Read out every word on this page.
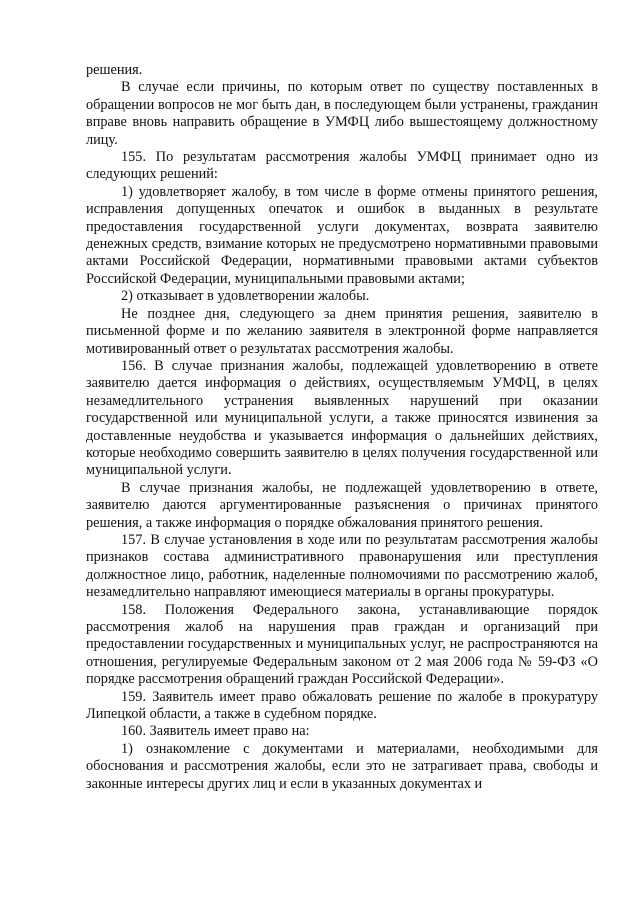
решения.

В случае если причины, по которым ответ по существу поставленных в обращении вопросов не мог быть дан, в последующем были устранены, гражданин вправе вновь направить обращение в УМФЦ либо вышестоящему должностному лицу.

155. По результатам рассмотрения жалобы УМФЦ принимает одно из следующих решений:

1) удовлетворяет жалобу, в том числе в форме отмены принятого решения, исправления допущенных опечаток и ошибок в выданных в результате предоставления государственной услуги документах, возврата заявителю денежных средств, взимание которых не предусмотрено нормативными правовыми актами Российской Федерации, нормативными правовыми актами субъектов Российской Федерации, муниципальными правовыми актами;

2) отказывает в удовлетворении жалобы.

Не позднее дня, следующего за днем принятия решения, заявителю в письменной форме и по желанию заявителя в электронной форме направляется мотивированный ответ о результатах рассмотрения жалобы.

156. В случае признания жалобы, подлежащей удовлетворению в ответе заявителю дается информация о действиях, осуществляемым УМФЦ, в целях незамедлительного устранения выявленных нарушений при оказании государственной или муниципальной услуги, а также приносятся извинения за доставленные неудобства и указывается информация о дальнейших действиях, которые необходимо совершить заявителю в целях получения государственной или муниципальной услуги.

В случае признания жалобы, не подлежащей удовлетворению в ответе, заявителю даются аргументированные разъяснения о причинах принятого решения, а также информация о порядке обжалования принятого решения.

157. В случае установления в ходе или по результатам рассмотрения жалобы признаков состава административного правонарушения или преступления должностное лицо, работник, наделенные полномочиями по рассмотрению жалоб, незамедлительно направляют имеющиеся материалы в органы прокуратуры.

158. Положения Федерального закона, устанавливающие порядок рассмотрения жалоб на нарушения прав граждан и организаций при предоставлении государственных и муниципальных услуг, не распространяются на отношения, регулируемые Федеральным законом от 2 мая 2006 года № 59-ФЗ «О порядке рассмотрения обращений граждан Российской Федерации».

159. Заявитель имеет право обжаловать решение по жалобе в прокуратуру Липецкой области, а также в судебном порядке.

160. Заявитель имеет право на:

1) ознакомление с документами и материалами, необходимыми для обоснования и рассмотрения жалобы, если это не затрагивает права, свободы и законные интересы других лиц и если в указанных документах и
